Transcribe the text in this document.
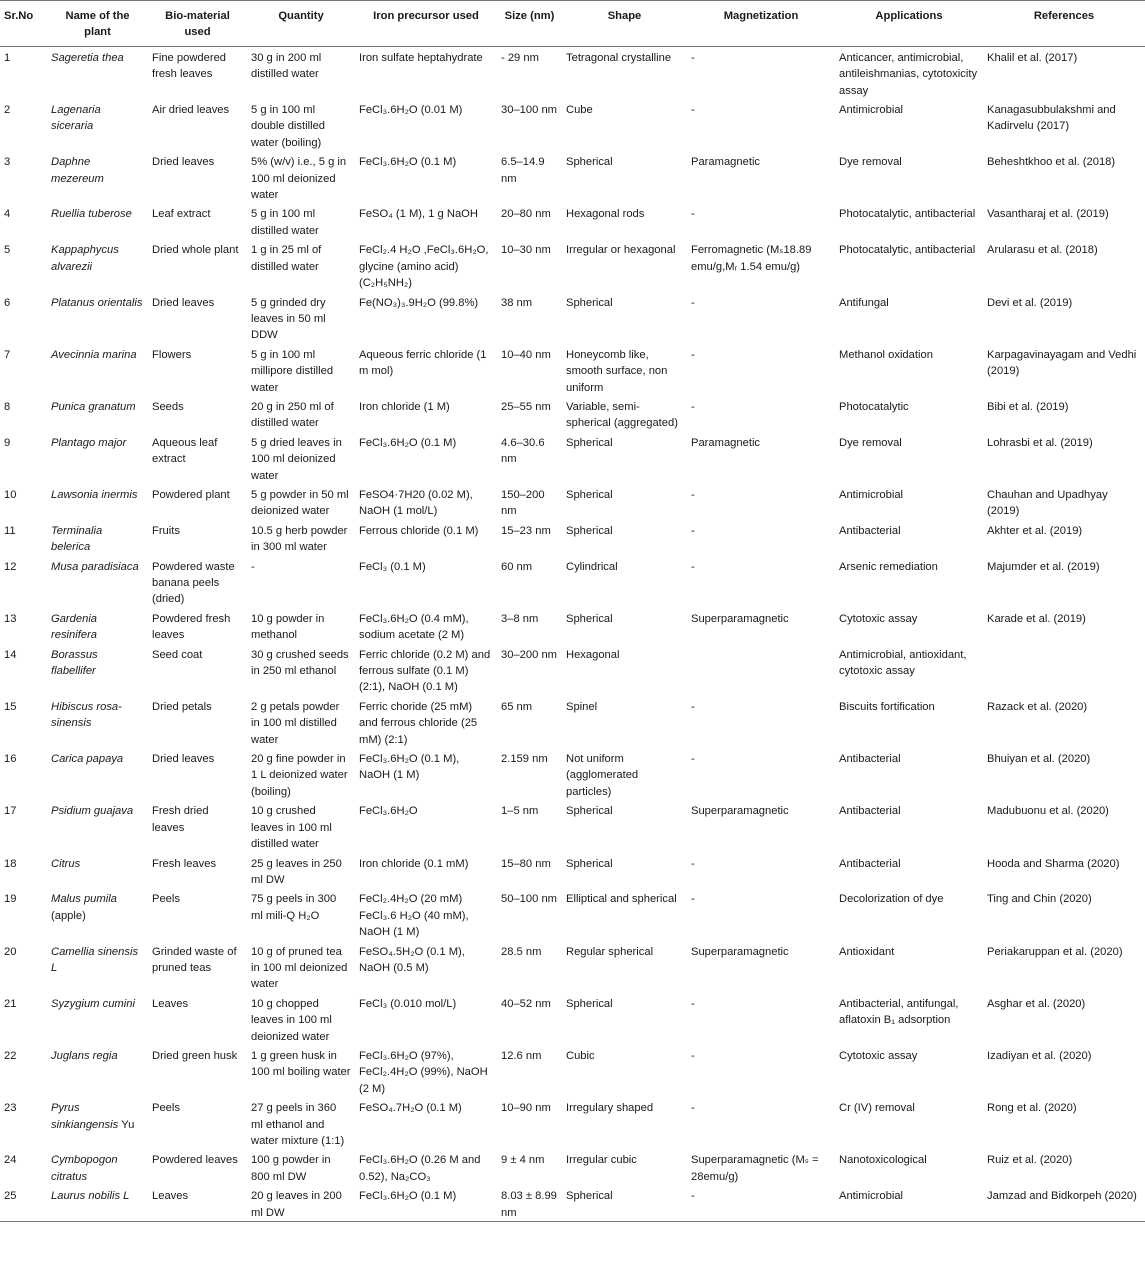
Sr.No	Name of the plant	Bio-material used	Quantity	Iron precursor used	Size (nm)	Shape	Magnetization	Applications	References
1	Sageretia thea	Fine powdered fresh leaves	30 g in 200 ml distilled water	Iron sulfate heptahydrate	- 29 nm	Tetragonal crystalline	-	Anticancer, antimicrobial, antileishmanias, cytotoxicity assay	Khalil et al. (2017)
2	Lagenaria siceraria	Air dried leaves	5 g in 100 ml double distilled water (boiling)	FeCl₃.6H₂O (0.01 M)	30–100 nm	Cube	-	Antimicrobial	Kanagasubbulakshmi and Kadirvelu (2017)
3	Daphne mezereum	Dried leaves	5% (w/v) i.e., 5 g in 100 ml deionized water	FeCl₃.6H₂O (0.1 M)	6.5–14.9 nm	Spherical	Paramagnetic	Dye removal	Beheshtkhoo et al. (2018)
4	Ruellia tuberose	Leaf extract	5 g in 100 ml distilled water	FeSO₄ (1 M), 1 g NaOH	20–80 nm	Hexagonal rods	-	Photocatalytic, antibacterial	Vasantharaj et al. (2019)
5	Kappaphycus alvarezii	Dried whole plant	1 g in 25 ml of distilled water	FeCl₂.4 H₂O ,FeCl₃.6H₂O, glycine (amino acid) (C₂H₅NH₂)	10–30 nm	Irregular or hexagonal	Ferromagnetic (Mₛ18.89 emu/g,Mᵣ 1.54 emu/g)	Photocatalytic, antibacterial	Arularasu et al. (2018)
6	Platanus orientalis	Dried leaves	5 g grinded dry leaves in 50 ml DDW	Fe(NO₃)₃.9H₂O (99.8%)	38 nm	Spherical	-	Antifungal	Devi et al. (2019)
7	Avecinnia marina	Flowers	5 g in 100 ml millipore distilled water	Aqueous ferric chloride (1 m mol)	10–40 nm	Honeycomb like, smooth surface, non uniform	-	Methanol oxidation	Karpagavinayagam and Vedhi (2019)
8	Punica granatum	Seeds	20 g in 250 ml of distilled water	Iron chloride (1 M)	25–55 nm	Variable, semi-spherical (aggregated)	-	Photocatalytic	Bibi et al. (2019)
9	Plantago major	Aqueous leaf extract	5 g dried leaves in 100 ml deionized water	FeCl₃.6H₂O (0.1 M)	4.6–30.6 nm	Spherical	Paramagnetic	Dye removal	Lohrasbi et al. (2019)
10	Lawsonia inermis	Powdered plant	5 g powder in 50 ml deionized water	FeSO4·7H20 (0.02 M), NaOH (1 mol/L)	150–200 nm	Spherical	-	Antimicrobial	Chauhan and Upadhyay (2019)
11	Terminalia belerica	Fruits	10.5 g herb powder in 300 ml water	Ferrous chloride (0.1 M)	15–23 nm	Spherical	-	Antibacterial	Akhter et al. (2019)
12	Musa paradisiaca	Powdered waste banana peels (dried)	-	FeCl₃ (0.1 M)	60 nm	Cylindrical	-	Arsenic remediation	Majumder et al. (2019)
13	Gardenia resinifera	Powdered fresh leaves	10 g powder in methanol	FeCl₃.6H₂O (0.4 mM), sodium acetate (2 M)	3–8 nm	Spherical	Superparamagnetic	Cytotoxic assay	Karade et al. (2019)
14	Borassus flabellifer	Seed coat	30 g crushed seeds in 250 ml ethanol	Ferric chloride (0.2 M) and ferrous sulfate (0.1 M) (2:1), NaOH (0.1 M)	30–200 nm	Hexagonal		Antimicrobial, antioxidant, cytotoxic assay	
15	Hibiscus rosa-sinensis	Dried petals	2 g petals powder in 100 ml distilled water	Ferric choride (25 mM) and ferrous chloride (25 mM) (2:1)	65 nm	Spinel	-	Biscuits fortification	Razack et al. (2020)
16	Carica papaya	Dried leaves	20 g fine powder in 1 L deionized water (boiling)	FeCl₃.6H₂O (0.1 M), NaOH (1 M)	2.159 nm	Not uniform (agglomerated particles)	-	Antibacterial	Bhuiyan et al. (2020)
17	Psidium guajava	Fresh dried leaves	10 g crushed leaves in 100 ml distilled water	FeCl₃.6H₂O	1–5 nm	Spherical	Superparamagnetic	Antibacterial	Madubuonu et al. (2020)
18	Citrus	Fresh leaves	25 g leaves in 250 ml DW	Iron chloride (0.1 mM)	15–80 nm	Spherical	-	Antibacterial	Hooda and Sharma (2020)
19	Malus pumila (apple)	Peels	75 g peels in 300 ml mili-Q H₂O	FeCl₂.4H₂O (20 mM) FeCl₃.6 H₂O (40 mM), NaOH (1 M)	50–100 nm	Elliptical and spherical	-	Decolorization of dye	Ting and Chin (2020)
20	Camellia sinensis L	Grinded waste of pruned teas	10 g of pruned tea in 100 ml deionized water	FeSO₄.5H₂O (0.1 M), NaOH (0.5 M)	28.5 nm	Regular spherical	Superparamagnetic	Antioxidant	Periakaruppan et al. (2020)
21	Syzygium cumini	Leaves	10 g chopped leaves in 100 ml deionized water	FeCl₃ (0.010 mol/L)	40–52 nm	Spherical	-	Antibacterial, antifungal, aflatoxin B₁ adsorption	Asghar et al. (2020)
22	Juglans regia	Dried green husk	1 g green husk in 100 ml boiling water	FeCl₃.6H₂O (97%), FeCl₂.4H₂O (99%), NaOH (2 M)	12.6 nm	Cubic	-	Cytotoxic assay	Izadiyan et al. (2020)
23	Pyrus sinkiangensis Yu	Peels	27 g peels in 360 ml ethanol and water mixture (1:1)	FeSO₄.7H₂O (0.1 M)	10–90 nm	Irregulary shaped	-	Cr (IV) removal	Rong et al. (2020)
24	Cymbopogon citratus	Powdered leaves	100 g powder in 800 ml DW	FeCl₃.6H₂O (0.26 M and 0.52), Na₂CO₃	9 ± 4 nm	Irregular cubic	Superparamagnetic (Mₛ = 28emu/g)	Nanotoxicological	Ruiz et al. (2020)
25	Laurus nobilis L	Leaves	20 g leaves in 200 ml DW	FeCl₃.6H₂O (0.1 M)	8.03 ± 8.99 nm	Spherical	-	Antimicrobial	Jamzad and Bidkorpeh (2020)
